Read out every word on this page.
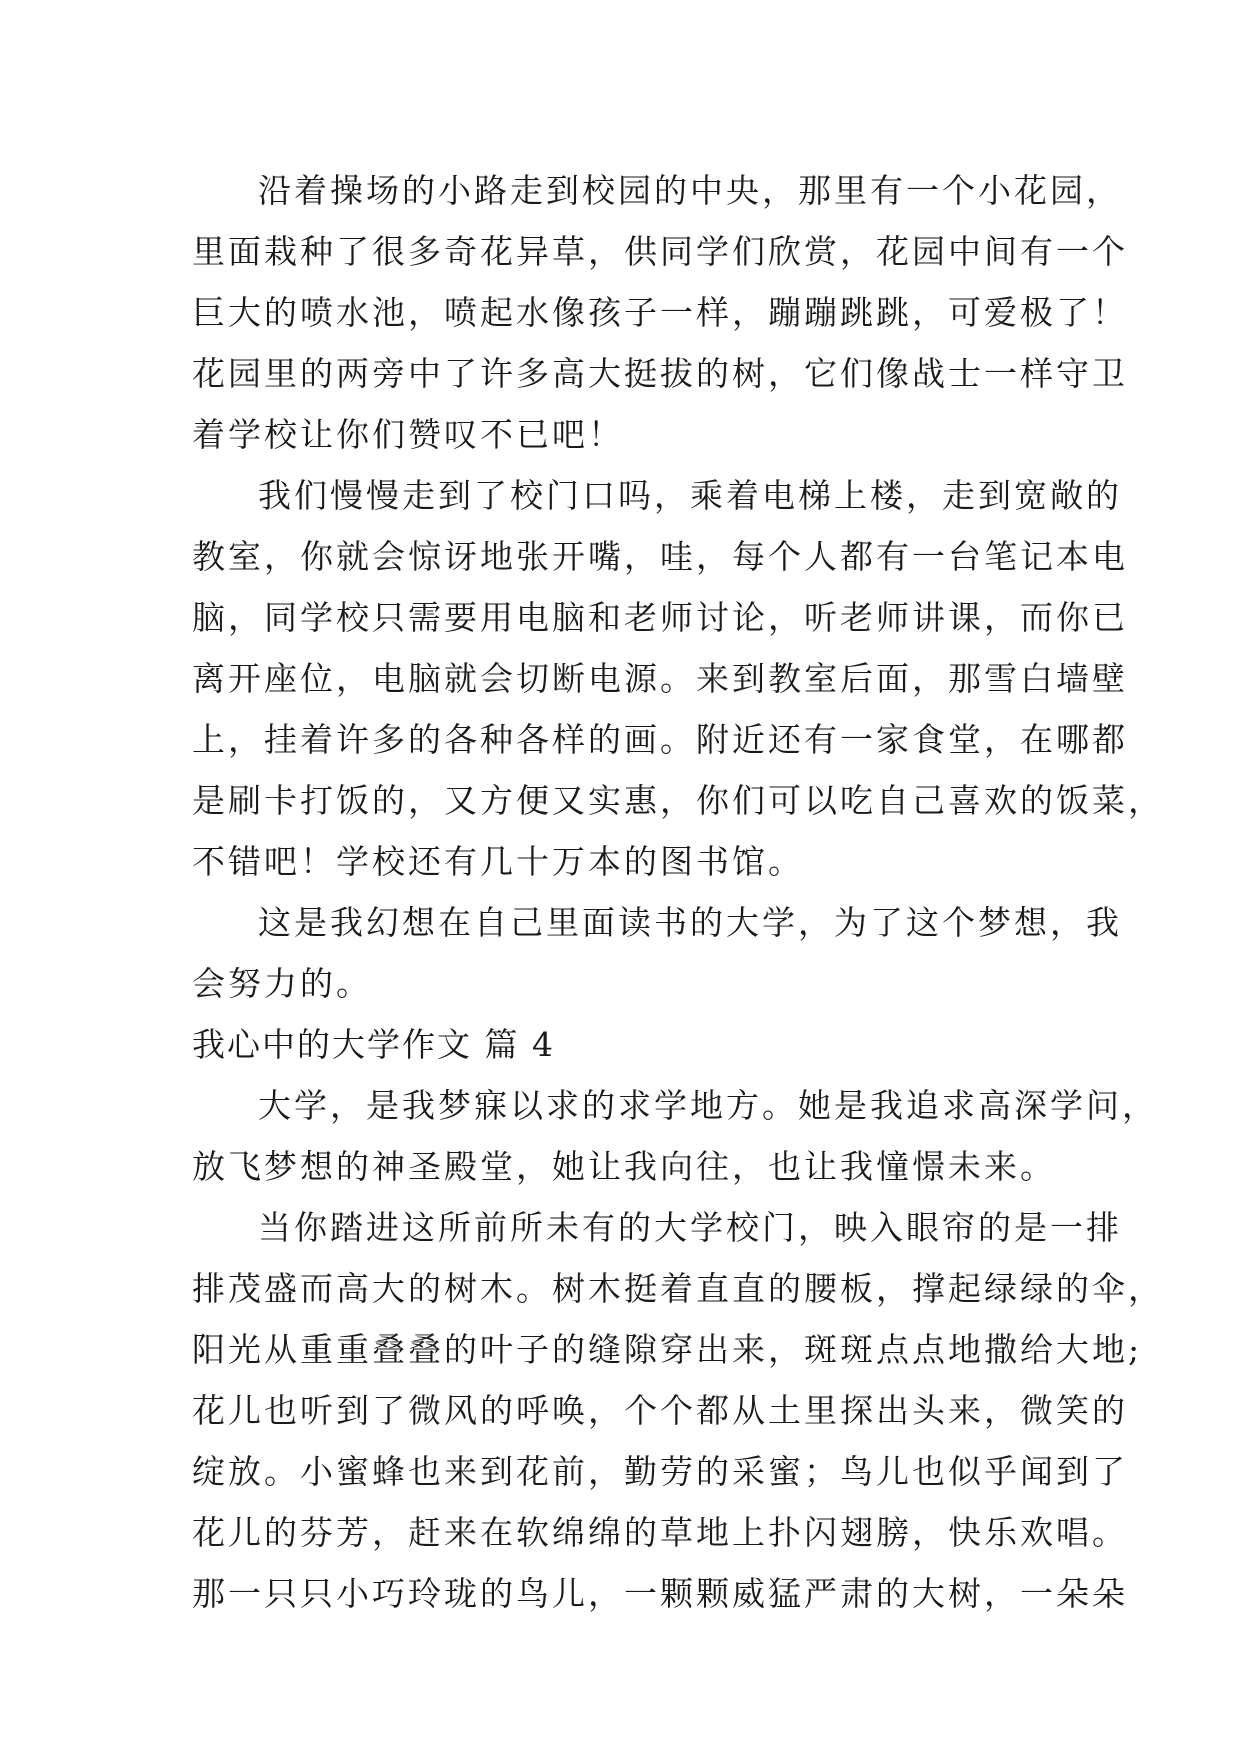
沿着操场的小路走到校园的中央，那里有一个小花园，
里面栽种了很多奇花异草，供同学们欣赏，花园中间有一个
巨大的喷水池，喷起水像孩子一样，蹦蹦跳跳，可爱极了！
花园里的两旁中了许多高大挺拔的树，它们像战士一样守卫
着学校让你们赞叹不已吧！
我们慢慢走到了校门口吗，乘着电梯上楼，走到宽敞的
教室，你就会惊讶地张开嘴，哇，每个人都有一台笔记本电
脑，同学校只需要用电脑和老师讨论，听老师讲课，而你已
离开座位，电脑就会切断电源。来到教室后面，那雪白墙壁
上，挂着许多的各种各样的画。附近还有一家食堂，在哪都
是刷卡打饭的，又方便又实惠，你们可以吃自己喜欢的饭菜，
不错吧！学校还有几十万本的图书馆。
这是我幻想在自己里面读书的大学，为了这个梦想，我
会努力的。
我心中的大学作文 篇 4
大学，是我梦寐以求的求学地方。她是我追求高深学问，
放飞梦想的神圣殿堂，她让我向往，也让我憧憬未来。
当你踏进这所前所未有的大学校门，映入眼帘的是一排
排茂盛而高大的树木。树木挺着直直的腰板，撑起绿绿的伞，
阳光从重重叠叠的叶子的缝隙穿出来，斑斑点点地撒给大地;
花儿也听到了微风的呼唤，个个都从土里探出头来，微笑的
绽放。小蜜蜂也来到花前，勤劳的采蜜；鸟儿也似乎闻到了
花儿的芬芳，赶来在软绵绵的草地上扑闪翅膀，快乐欢唱。
那一只只小巧玲珑的鸟儿，一颗颗威猛严肃的大树，一朵朵
